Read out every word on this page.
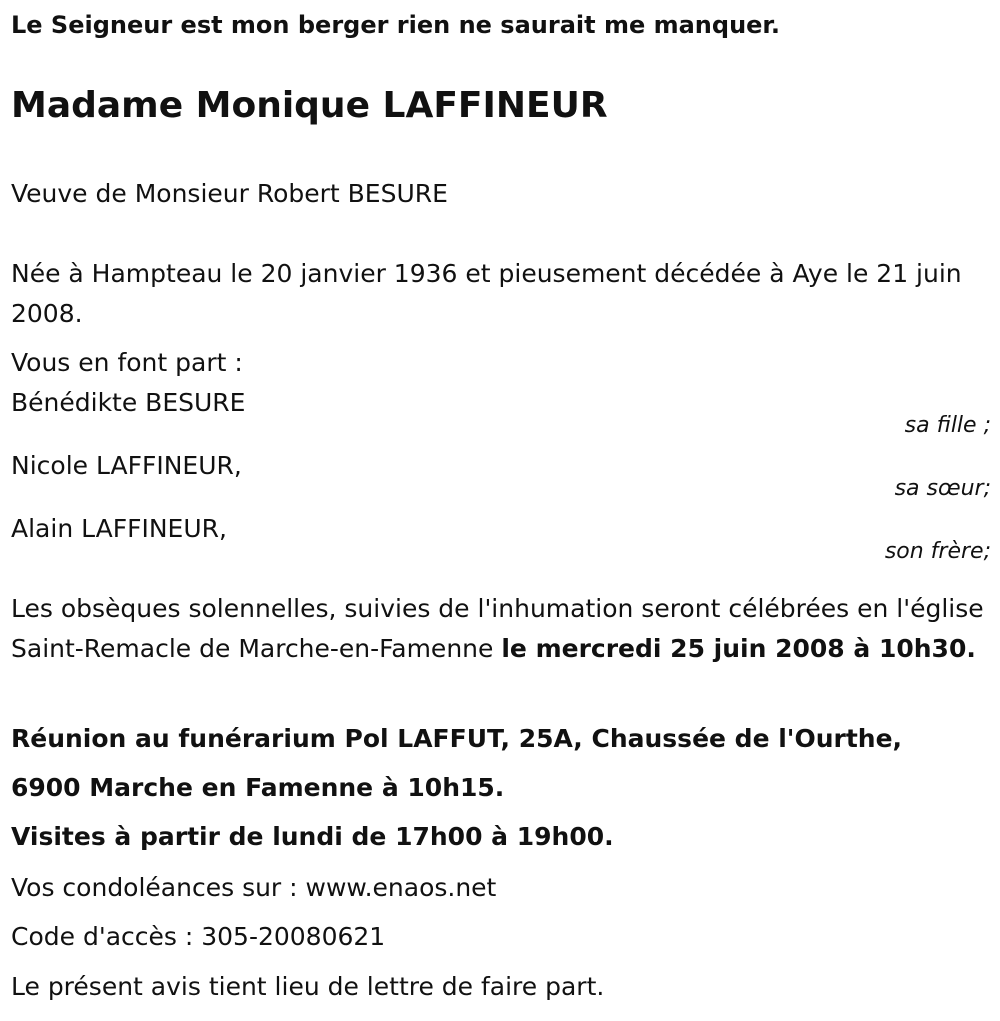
Le Seigneur est mon berger rien ne saurait me manquer.
Madame Monique LAFFINEUR
Veuve de Monsieur Robert BESURE
Née à Hampteau le 20 janvier 1936 et pieusement décédée à Aye le 21 juin 2008.
Vous en font part :
Bénédikte BESURE
sa fille ;
Nicole LAFFINEUR,
sa sœur;
Alain LAFFINEUR,
son frère;
Les obsèques solennelles, suivies de l'inhumation seront célébrées en l'église Saint-Remacle de Marche-en-Famenne le mercredi 25 juin 2008 à 10h30.
Réunion au funérarium Pol LAFFUT, 25A, Chaussée de l'Ourthe,
6900 Marche en Famenne à 10h15.
Visites à partir de lundi de 17h00 à 19h00.
Vos condoléances sur : www.enaos.net
Code d'accès : 305-20080621
Le présent avis tient lieu de lettre de faire part.
